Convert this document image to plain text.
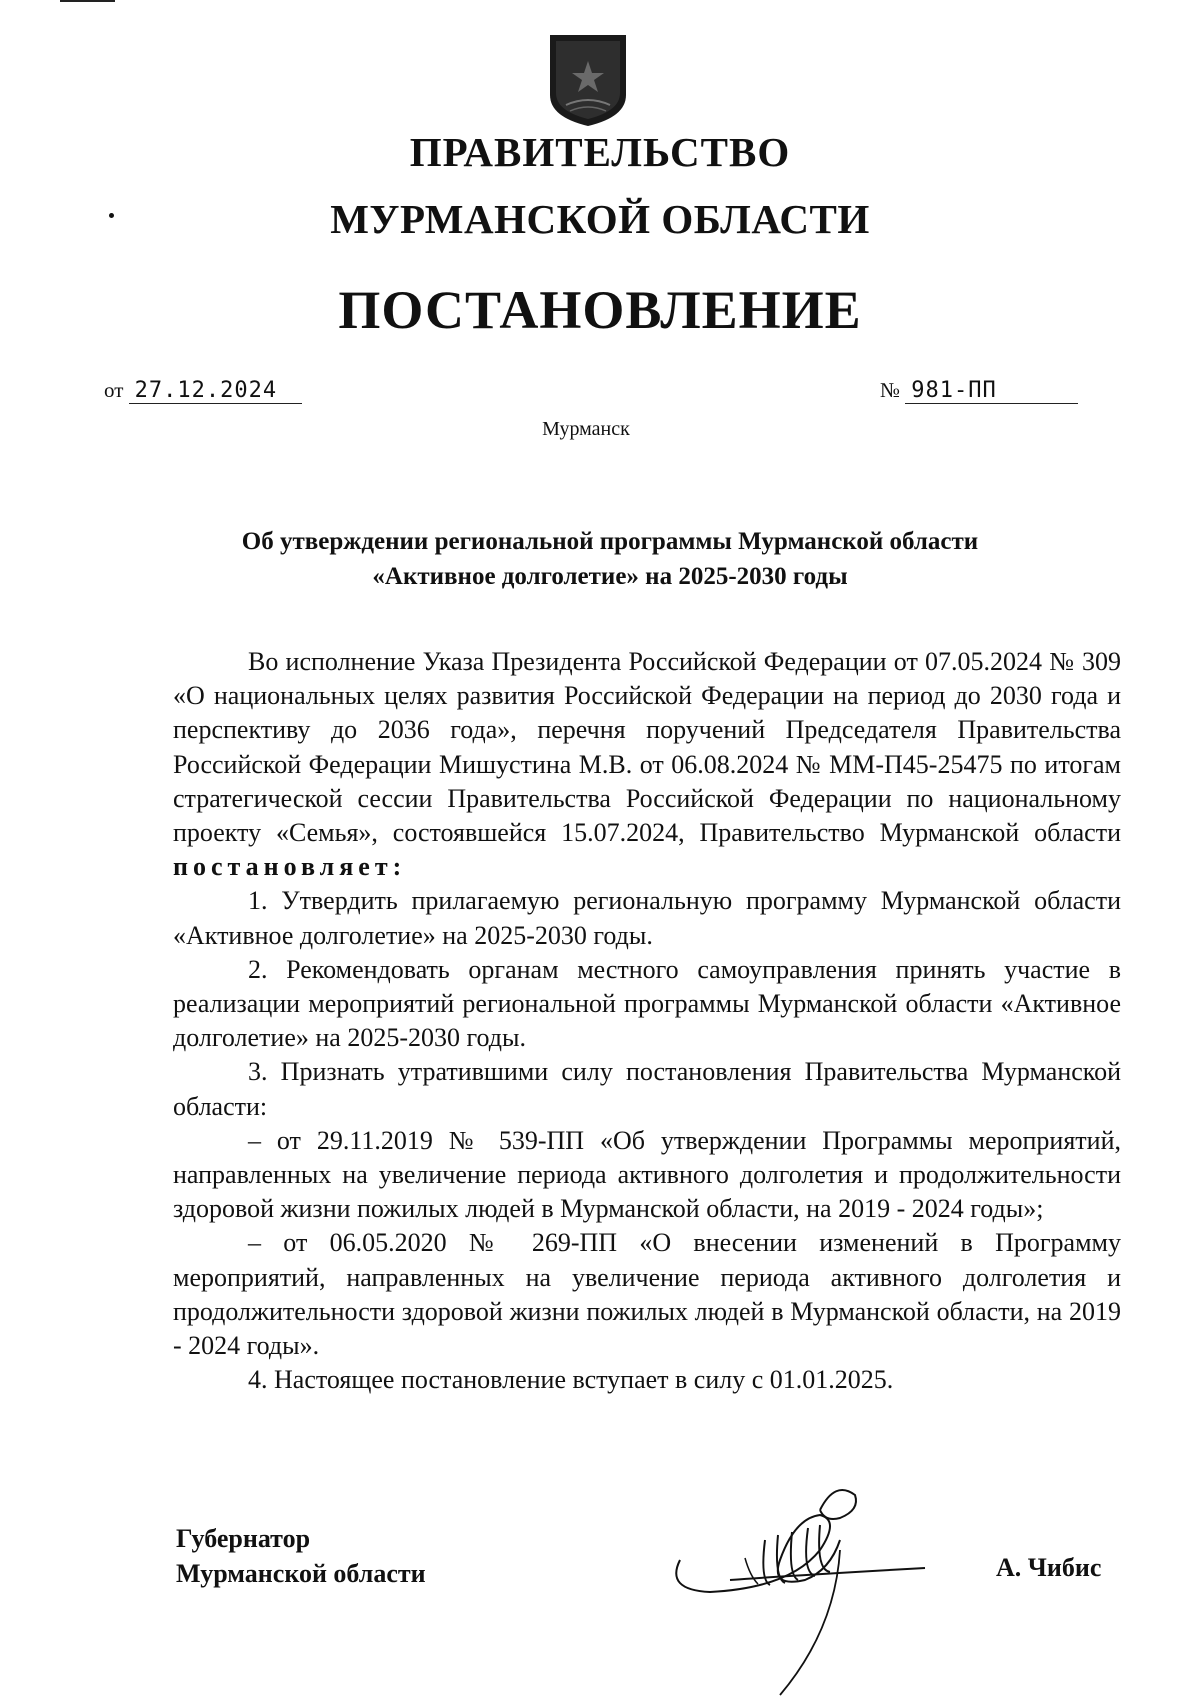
ПРАВИТЕЛЬСТВО
МУРМАНСКОЙ ОБЛАСТИ
ПОСТАНОВЛЕНИЕ
от 27.12.2024	№ 981-ПП
Мурманск
Об утверждении региональной программы Мурманской области
«Активное долголетие» на 2025-2030 годы

Во исполнение Указа Президента Российской Федерации от 07.05.2024 № 309 «О национальных целях развития Российской Федерации на период до 2030 года и перспективу до 2036 года», перечня поручений Председателя Правительства Российской Федерации Мишустина М.В. от 06.08.2024 № ММ-П45-25475 по итогам стратегической сессии Правительства Российской Федерации по национальному проекту «Семья», состоявшейся 15.07.2024, Правительство Мурманской области постановляет:

1. Утвердить прилагаемую региональную программу Мурманской области «Активное долголетие» на 2025-2030 годы.

2. Рекомендовать органам местного самоуправления принять участие в реализации мероприятий региональной программы Мурманской области «Активное долголетие» на 2025-2030 годы.

3. Признать утратившими силу постановления Правительства Мурманской области:

– от 29.11.2019 № 539-ПП «Об утверждении Программы мероприятий, направленных на увеличение периода активного долголетия и продолжительности здоровой жизни пожилых людей в Мурманской области, на 2019 - 2024 годы»;

– от 06.05.2020 № 269-ПП «О внесении изменений в Программу мероприятий, направленных на увеличение периода активного долголетия и продолжительности здоровой жизни пожилых людей в Мурманской области, на 2019 - 2024 годы».

4. Настоящее постановление вступает в силу с 01.01.2025.

Губернатор
Мурманской области	А. Чибис
